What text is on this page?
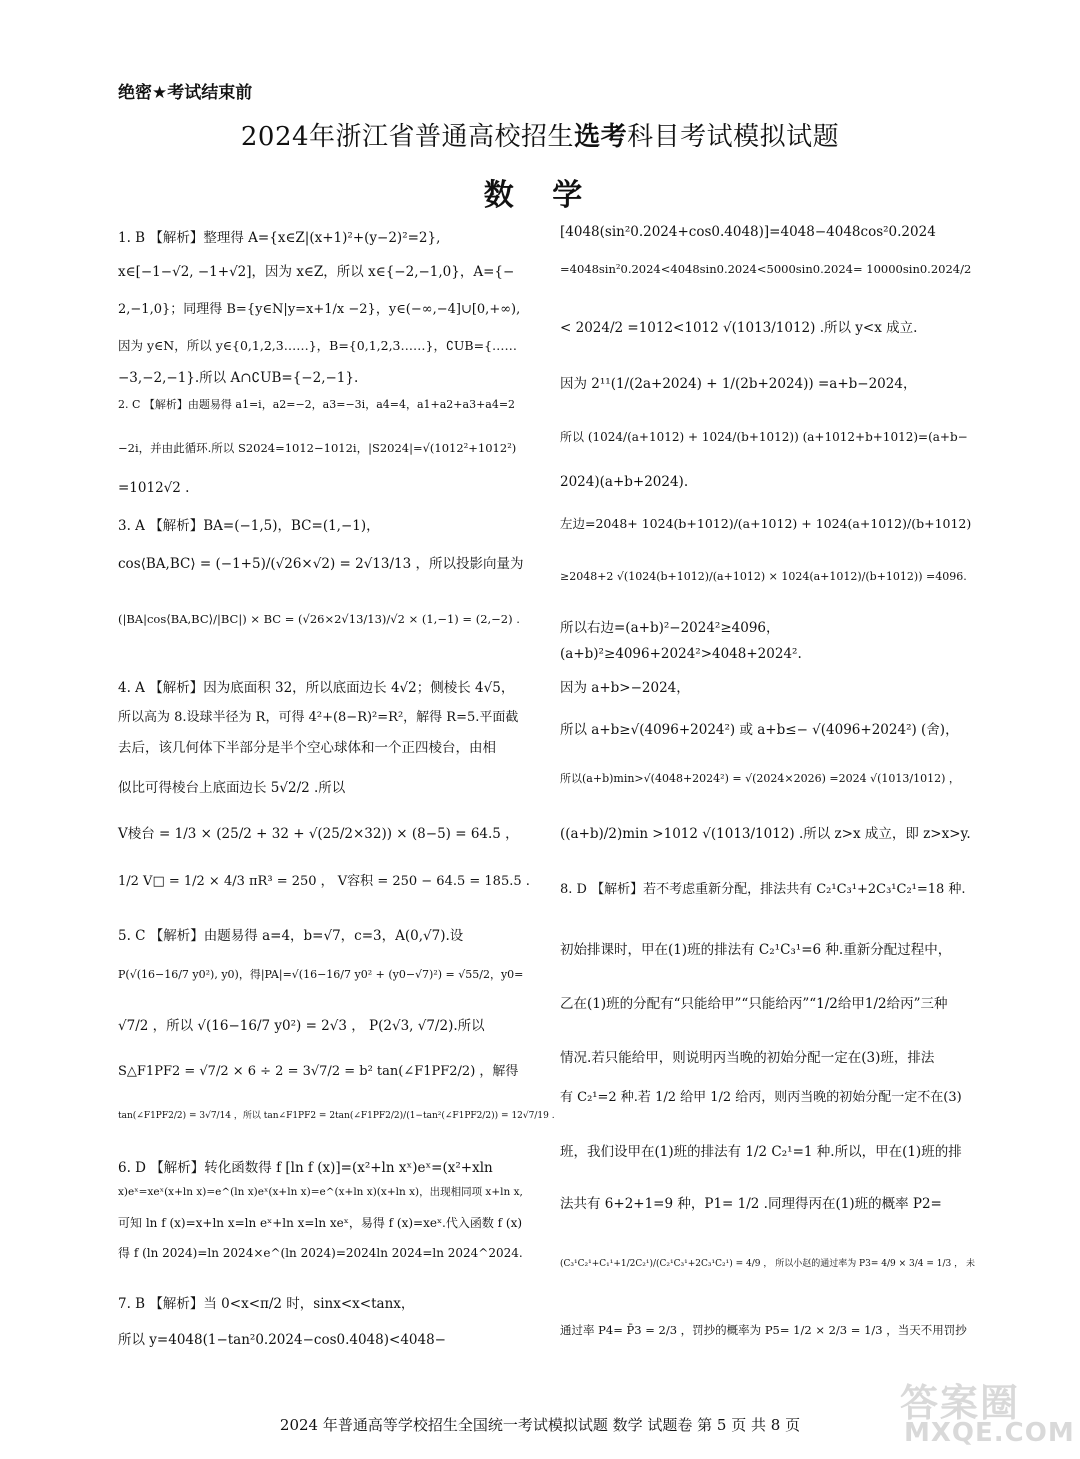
绝密★考试结束前
2024年浙江省普通高校招生选考科目考试模拟试题
数 学
1. B 【解析】整理得 A={x∈Z|(x+1)²+(y−2)²=2},
x∈[−1−√2, −1+√2]，因为 x∈Z，所以 x∈{−2,−1,0}，A={−
2,−1,0}；同理得 B={y∈N|y=x+1/x −2}，y∈(−∞,−4]∪[0,+∞),
因为 y∈N，所以 y∈{0,1,2,3……}，B={0,1,2,3……}，∁UB={……
−3,−2,−1}.所以 A∩∁UB={−2,−1}.
2. C 【解析】由题易得 a1=i，a2=−2，a3=−3i，a4=4，a1+a2+a3+a4=2
−2i，并由此循环.所以 S2024=1012−1012i，|S2024|=√(1012²+1012²)
=1012√2 .
3. A 【解析】BA=(−1,5)，BC=(1,−1)，
cos⟨BA,BC⟩ = (−1+5)/(√26×√2) = 2√13/13 ，所以投影向量为
(|BA|cos⟨BA,BC⟩/|BC|) × BC = (√26×2√13/13)/√2 × (1,−1) = (2,−2) .
4. A 【解析】因为底面积 32，所以底面边长 4√2；侧棱长 4√5，
所以高为 8.设球半径为 R，可得 4²+(8−R)²=R²，解得 R=5.平面截
去后，该几何体下半部分是半个空心球体和一个正四棱台，由相
似比可得棱台上底面边长 5√2/2 .所以
V棱台 = 1/3 × (25/2 + 32 + √(25/2×32)) × (8−5) = 64.5 ，
1/2 V□ = 1/2 × 4/3 πR³ = 250 ， V容积 = 250 − 64.5 = 185.5 .
5. C 【解析】由题易得 a=4，b=√7，c=3，A(0,√7).设
P(√(16−16/7 y0²), y0)，得|PA|=√(16−16/7 y0² + (y0−√7)²) = √55/2，y0=
√7/2 ，所以 √(16−16/7 y0²) = 2√3 ， P(2√3, √7/2).所以
S△F1PF2 = √7/2 × 6 ÷ 2 = 3√7/2 = b² tan(∠F1PF2/2) ，解得
tan(∠F1PF2/2) = 3√7/14 ，所以 tan∠F1PF2 = 2tan(∠F1PF2/2)/(1−tan²(∠F1PF2/2)) = 12√7/19 .
6. D 【解析】转化函数得 f [ln f (x)]=(x²+ln xˣ)eˣ=(x²+xln
x)eˣ=xeˣ(x+ln x)=e^(ln x)eˣ(x+ln x)=e^(x+ln x)(x+ln x)，出现相同项 x+ln x,
可知 ln f (x)=x+ln x=ln eˣ+ln x=ln xeˣ，易得 f (x)=xeˣ.代入函数 f (x)
得 f (ln 2024)=ln 2024×e^(ln 2024)=2024ln 2024=ln 2024^2024.
7. B 【解析】当 0<x<π/2 时，sinx<x<tanx，
所以 y=4048(1−tan²0.2024−cos0.4048)<4048−
[4048(sin²0.2024+cos0.4048)]=4048−4048cos²0.2024
=4048sin²0.2024<4048sin0.2024<5000sin0.2024= 10000sin0.2024/2
< 2024/2 =1012<1012 √(1013/1012) .所以 y<x 成立.
因为 2¹¹(1/(2a+2024) + 1/(2b+2024)) =a+b−2024，
所以 (1024/(a+1012) + 1024/(b+1012)) (a+1012+b+1012)=(a+b−
2024)(a+b+2024).
左边=2048+ 1024(b+1012)/(a+1012) + 1024(a+1012)/(b+1012)
≥2048+2 √(1024(b+1012)/(a+1012) × 1024(a+1012)/(b+1012)) =4096.
所以右边=(a+b)²−2024²≥4096，
(a+b)²≥4096+2024²>4048+2024².
因为 a+b>−2024，
所以 a+b≥√(4096+2024²) 或 a+b≤− √(4096+2024²) (舍)，
所以(a+b)min>√(4048+2024²) = √(2024×2026) =2024 √(1013/1012) ，
((a+b)/2)min >1012 √(1013/1012) .所以 z>x 成立，即 z>x>y.
8. D 【解析】若不考虑重新分配，排法共有 C₂¹C₃¹+2C₃¹C₂¹=18 种.
初始排课时，甲在(1)班的排法有 C₂¹C₃¹=6 种.重新分配过程中，
乙在(1)班的分配有“只能给甲”“只能给丙”“1/2给甲1/2给丙”三种
情况.若只能给甲，则说明丙当晚的初始分配一定在(3)班，排法
有 C₂¹=2 种.若 1/2 给甲 1/2 给丙，则丙当晚的初始分配一定不在(3)
班，我们设甲在(1)班的排法有 1/2 C₂¹=1 种.所以，甲在(1)班的排
法共有 6+2+1=9 种，P1= 1/2 .同理得丙在(1)班的概率 P2=
(C₃¹C₂¹+C₁¹+1/2C₂¹)/(C₂¹C₃¹+2C₃¹C₂¹) = 4/9 ， 所以小赵的通过率为 P3= 4/9 × 3/4 = 1/3 ， 未
通过率 P4= P̄3 = 2/3 ，罚抄的概率为 P5= 1/2 × 2/3 = 1/3 ，当天不用罚抄
2024 年普通高等学校招生全国统一考试模拟试题 数学 试题卷 第 5 页 共 8 页	答案圈
MXQE.COM
